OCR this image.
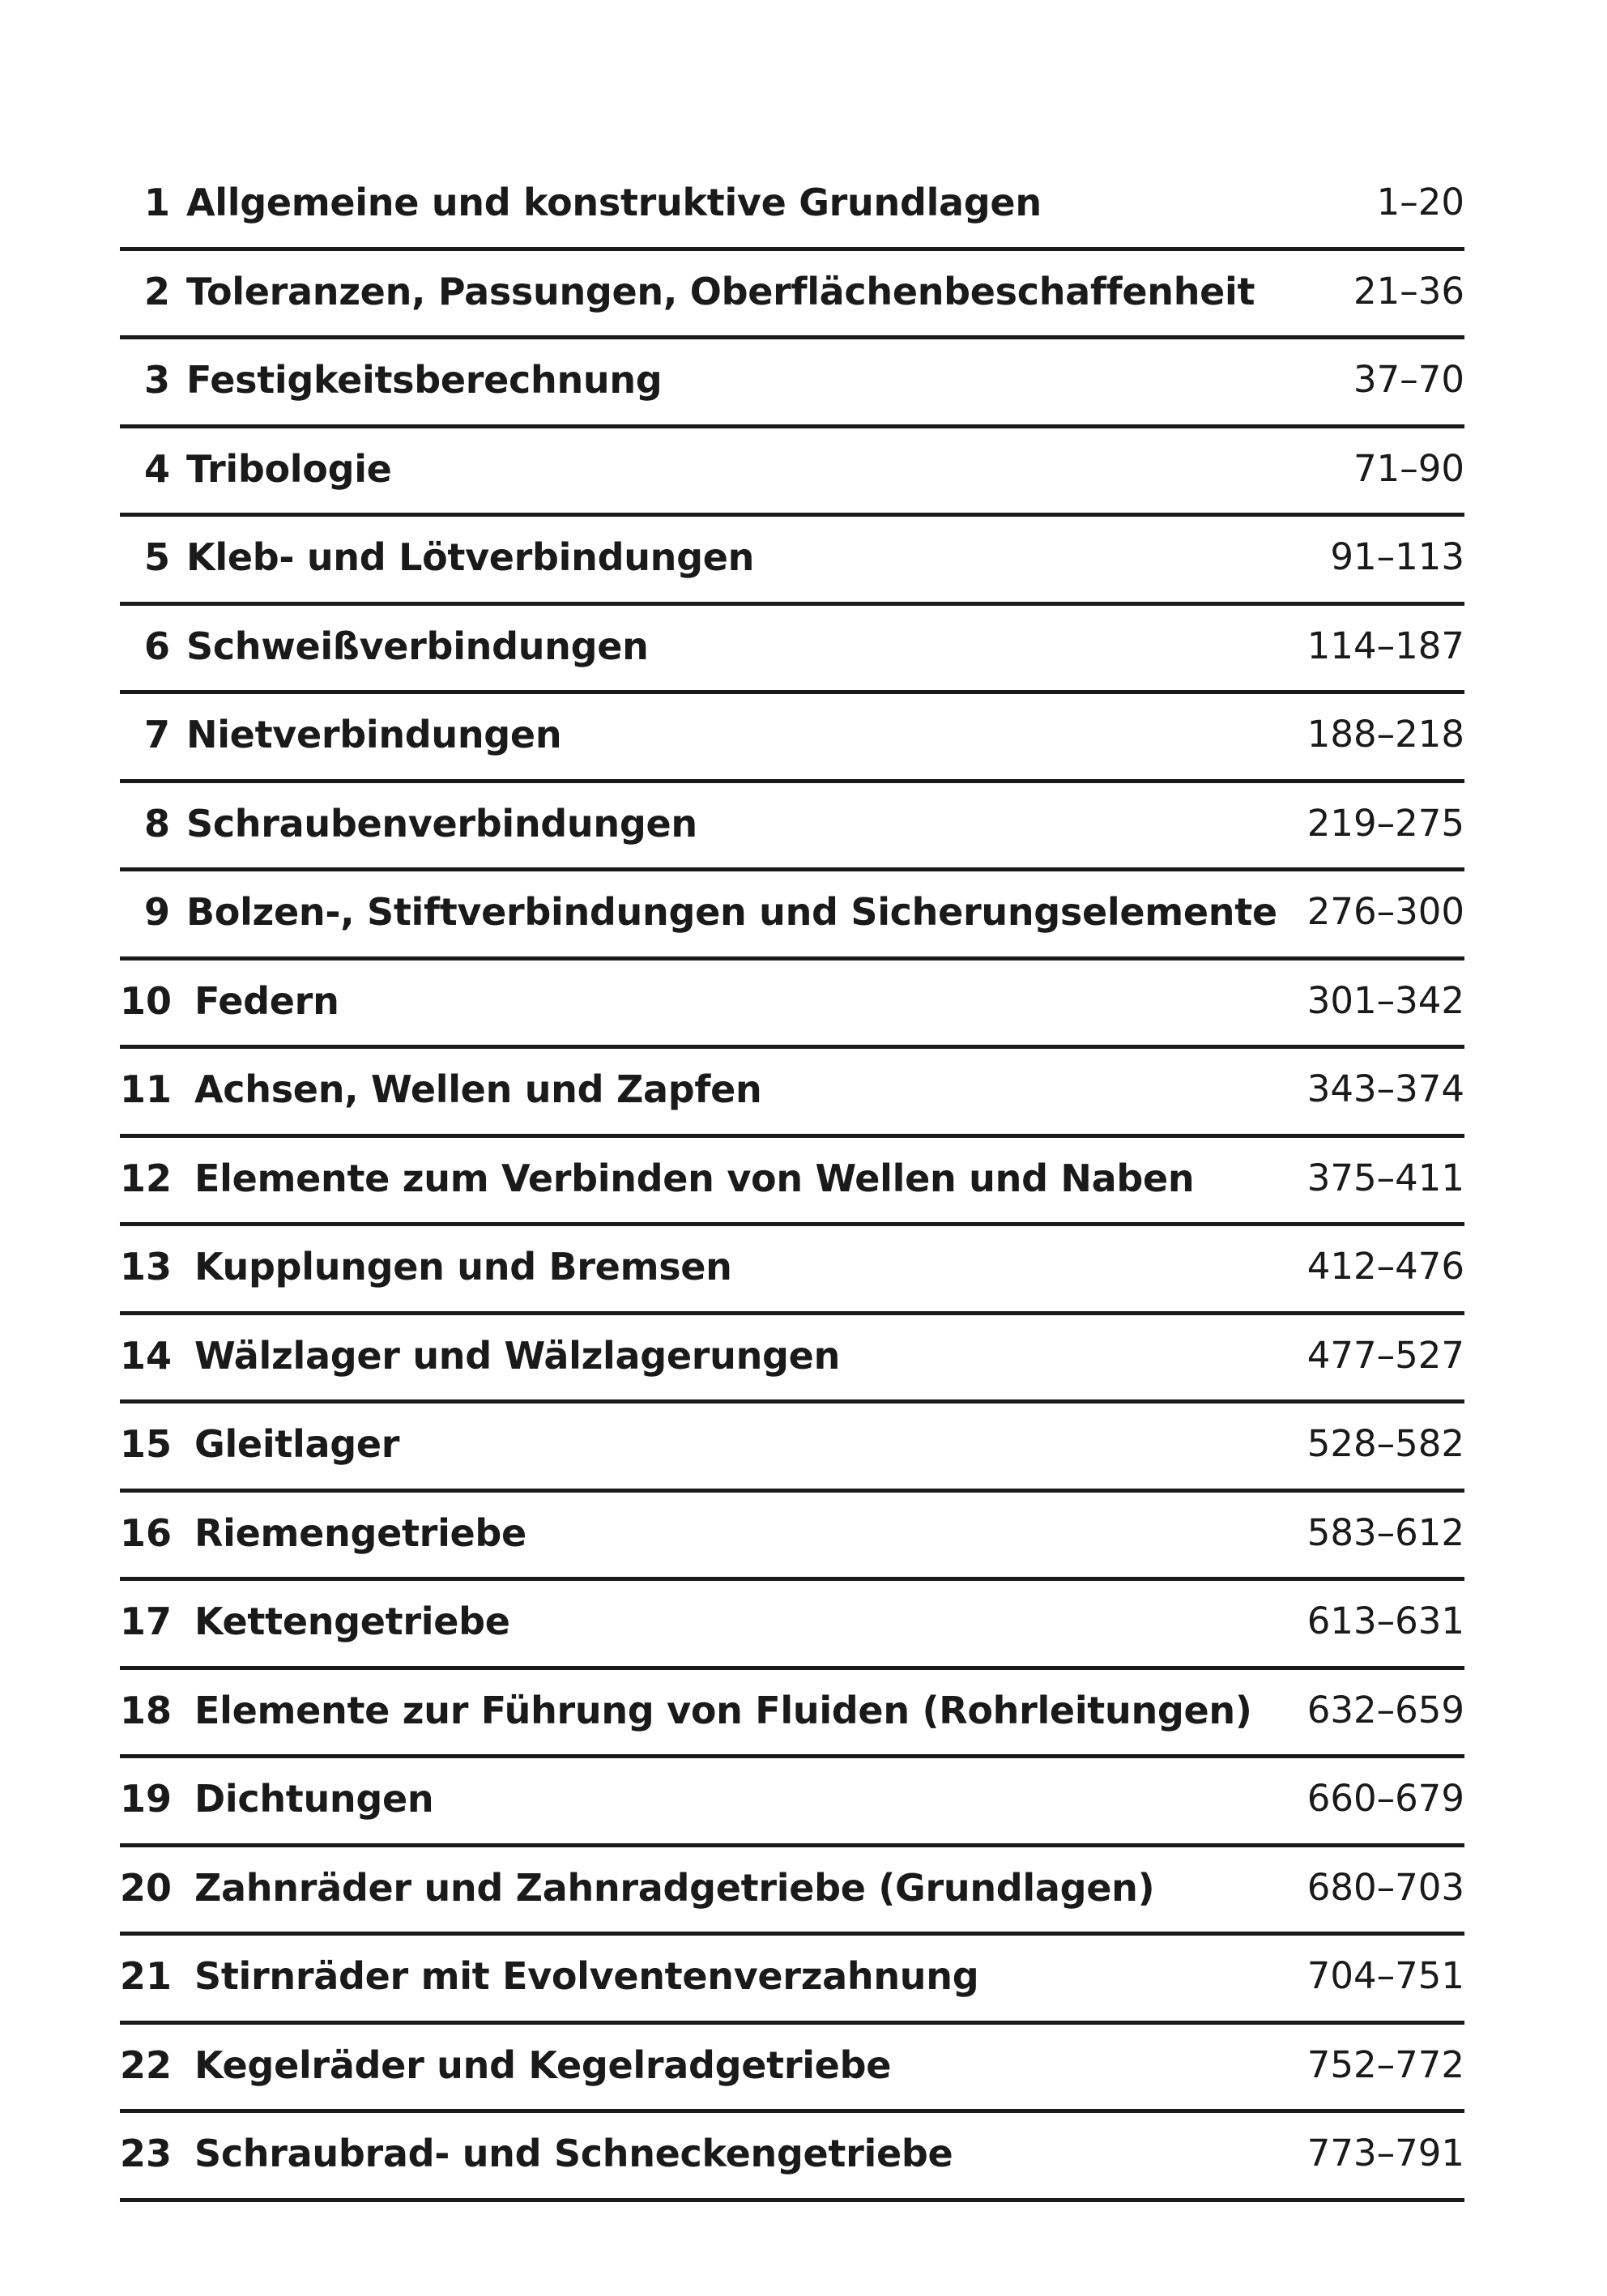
1 Allgemeine und konstruktive Grundlagen	1–20
2 Toleranzen, Passungen, Oberflächenbeschaffenheit	21–36
3 Festigkeitsberechnung	37–70
4 Tribologie	71–90
5 Kleb- und Lötverbindungen	91–113
6 Schweißverbindungen	114–187
7 Nietverbindungen	188–218
8 Schraubenverbindungen	219–275
9 Bolzen-, Stiftverbindungen und Sicherungselemente 276–300
10 Federn	301–342
11 Achsen, Wellen und Zapfen	343–374
12 Elemente zum Verbinden von Wellen und Naben	375–411
13 Kupplungen und Bremsen	412–476
14 Wälzlager und Wälzlagerungen	477–527
15 Gleitlager	528–582
16 Riemengetriebe	583–612
17 Kettengetriebe	613–631
18 Elemente zur Führung von Fluiden (Rohrleitungen) 632–659
19 Dichtungen	660–679
20 Zahnräder und Zahnradgetriebe (Grundlagen)	680–703
21 Stirnräder mit Evolventenverzahnung	704–751
22 Kegelräder und Kegelradgetriebe	752–772
23 Schraubrad- und Schneckengetriebe	773–791
